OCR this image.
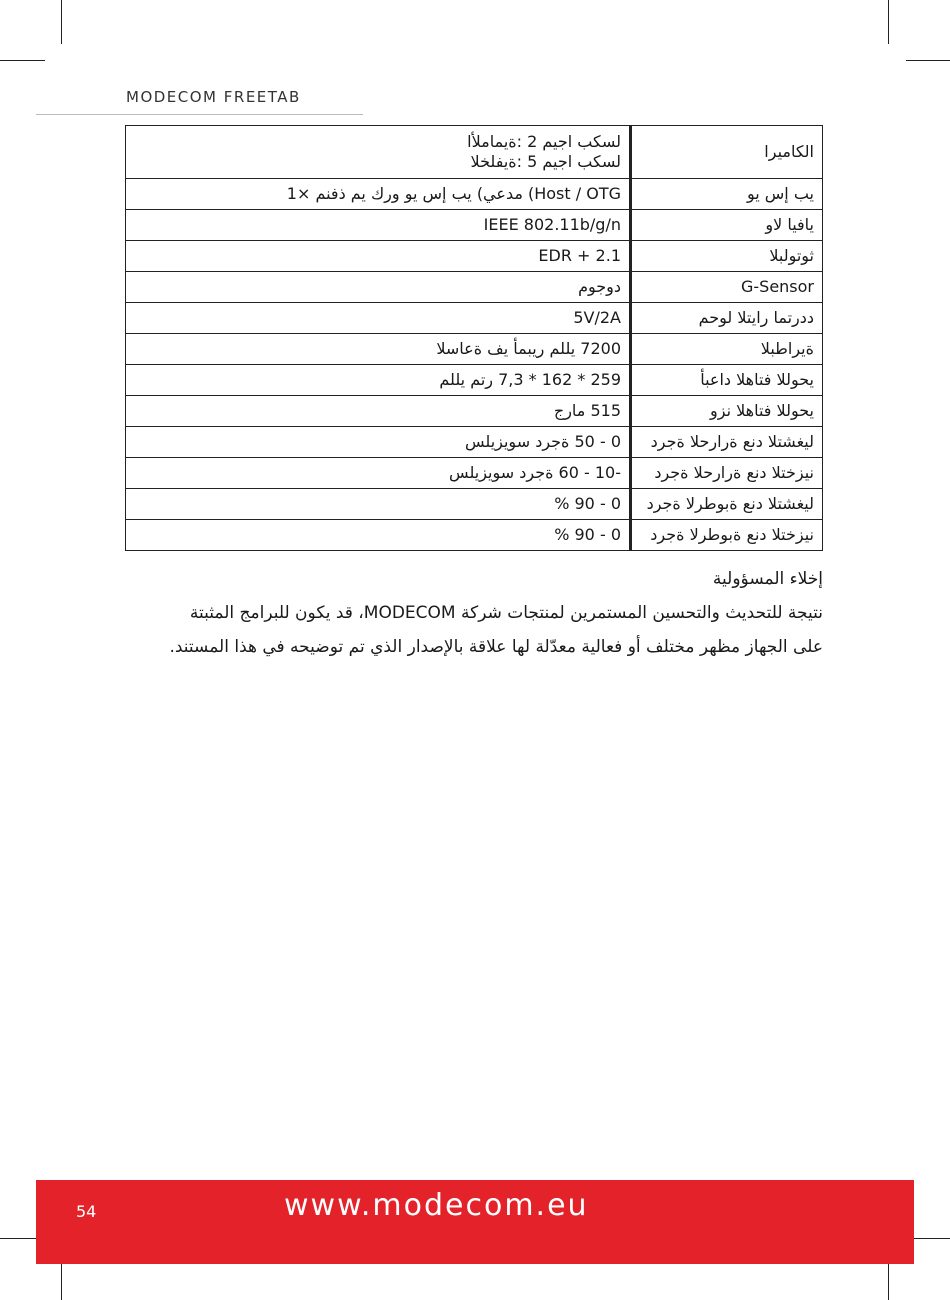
MODECOM FREETAB
الكاميرا	لسكب اجيم 2 :ةيماملأا
لسكب اجيم 5 :ةيفلخلا

يب إس يو	Host / OTG) مدعي) يب إس يو ورك يم ذفنم ×1
يافيا لاو	IEEE 802.11b/g/n
ثوتولبلا	2.1 + EDR
G-Sensor	دوجوم
ددرتما رايتلا لوحم	5V/2A
ةيراطبلا	7200 يللم ريبمأ يف ةعاسلا
يحوللا فتاهلا داعبأ	259 * 162 * 7,3 رتم يللم
يحوللا فتاهلا نزو	515 مارج
ليغشتلا دنع ةرارحلا ةجرد	0 - 50 ةجرد سويزيلس
نيزختلا دنع ةرارحلا ةجرد	-10 - 60 ةجرد سويزيلس
ليغشتلا دنع ةبوطرلا ةجرد	0 - 90 %
نيزختلا دنع ةبوطرلا ةجرد	0 - 90 %
إخلاء المسؤولية
نتيجة للتحديث والتحسين المستمرين لمنتجات شركة MODECOM، قد يكون للبرامج المثبتة
على الجهاز مظهر مختلف أو فعالية معدّلة لها علاقة بالإصدار الذي تم توضيحه في هذا المستند.
54	www.modecom.eu
